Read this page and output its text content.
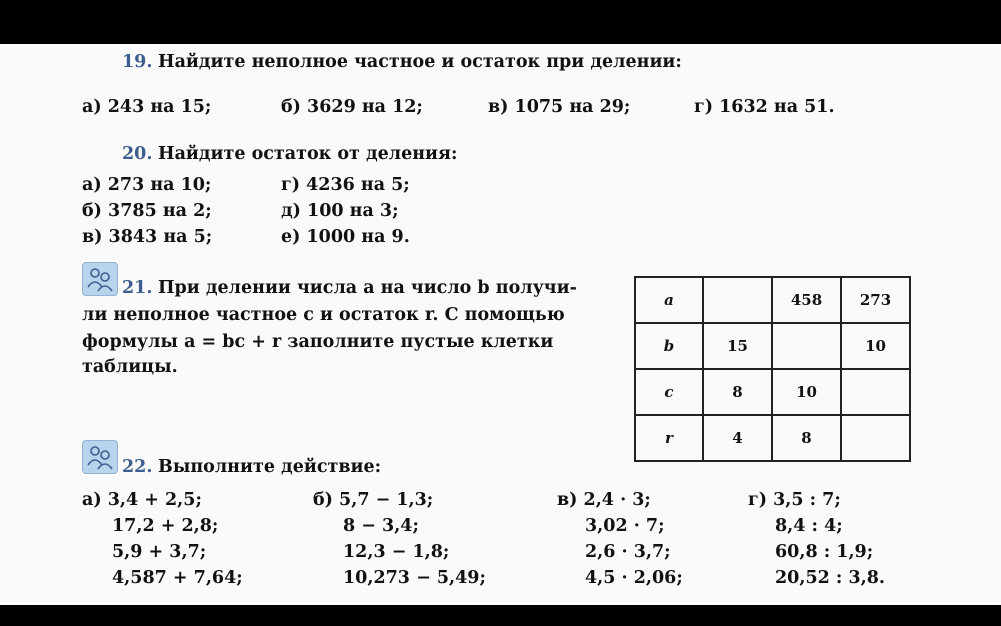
19. Найдите неполное частное и остаток при делении:
а) 243 на 15;	б) 3629 на 12;	в) 1075 на 29;	г) 1632 на 51.
20. Найдите остаток от деления:
а) 273 на 10;
б) 3785 на 2;
в) 3843 на 5;
г) 4236 на 5;
д) 100 на 3;
е) 1000 на 9.
21. При делении числа a на число b получи-
ли неполное частное c и остаток r. С помощью
формулы a = bc + r заполните пустые клетки
таблицы.
a		458	273
b	15		10
c	8	10	
r	4	8	
22. Выполните действие:
а) 3,4 + 2,5;
17,2 + 2,8;
5,9 + 3,7;
4,587 + 7,64;
б) 5,7 − 1,3;
8 − 3,4;
12,3 − 1,8;
10,273 − 5,49;
в) 2,4 · 3;
3,02 · 7;
2,6 · 3,7;
4,5 · 2,06;
г) 3,5 : 7;
8,4 : 4;
60,8 : 1,9;
20,52 : 3,8.
